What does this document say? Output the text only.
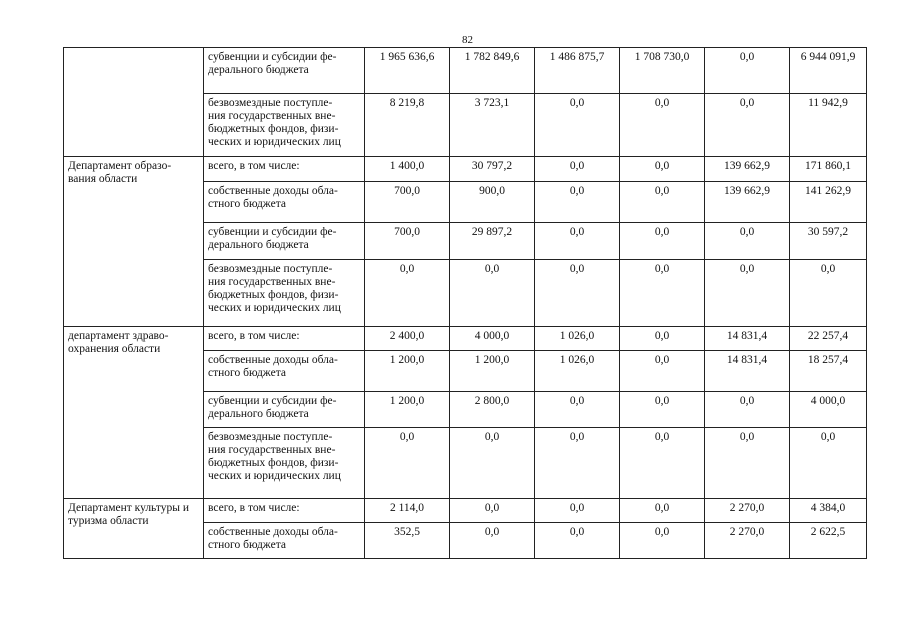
82
	субвенции и субсидии фе-
дерального бюджета	1 965 636,6	1 782 849,6	1 486 875,7	1 708 730,0	0,0	6 944 091,9
	безвозмездные поступле-
ния государственных вне-
бюджетных фондов, физи-
ческих и юридических лиц	8 219,8	3 723,1	0,0	0,0	0,0	11 942,9
Департамент образо-
вания области	всего, в том числе:	1 400,0	30 797,2	0,0	0,0	139 662,9	171 860,1
	собственные доходы обла-
стного бюджета	700,0	900,0	0,0	0,0	139 662,9	141 262,9
	субвенции и субсидии фе-
дерального бюджета	700,0	29 897,2	0,0	0,0	0,0	30 597,2
	безвозмездные поступле-
ния государственных вне-
бюджетных фондов, физи-
ческих и юридических лиц	0,0	0,0	0,0	0,0	0,0	0,0
департамент здраво-
охранения области	всего, в том числе:	2 400,0	4 000,0	1 026,0	0,0	14 831,4	22 257,4
	собственные доходы обла-
стного бюджета	1 200,0	1 200,0	1 026,0	0,0	14 831,4	18 257,4
	субвенции и субсидии фе-
дерального бюджета	1 200,0	2 800,0	0,0	0,0	0,0	4 000,0
	безвозмездные поступле-
ния государственных вне-
бюджетных фондов, физи-
ческих и юридических лиц	0,0	0,0	0,0	0,0	0,0	0,0
Департамент культуры и
туризма области	всего, в том числе:	2 114,0	0,0	0,0	0,0	2 270,0	4 384,0
	собственные доходы обла-
стного бюджета	352,5	0,0	0,0	0,0	2 270,0	2 622,5
